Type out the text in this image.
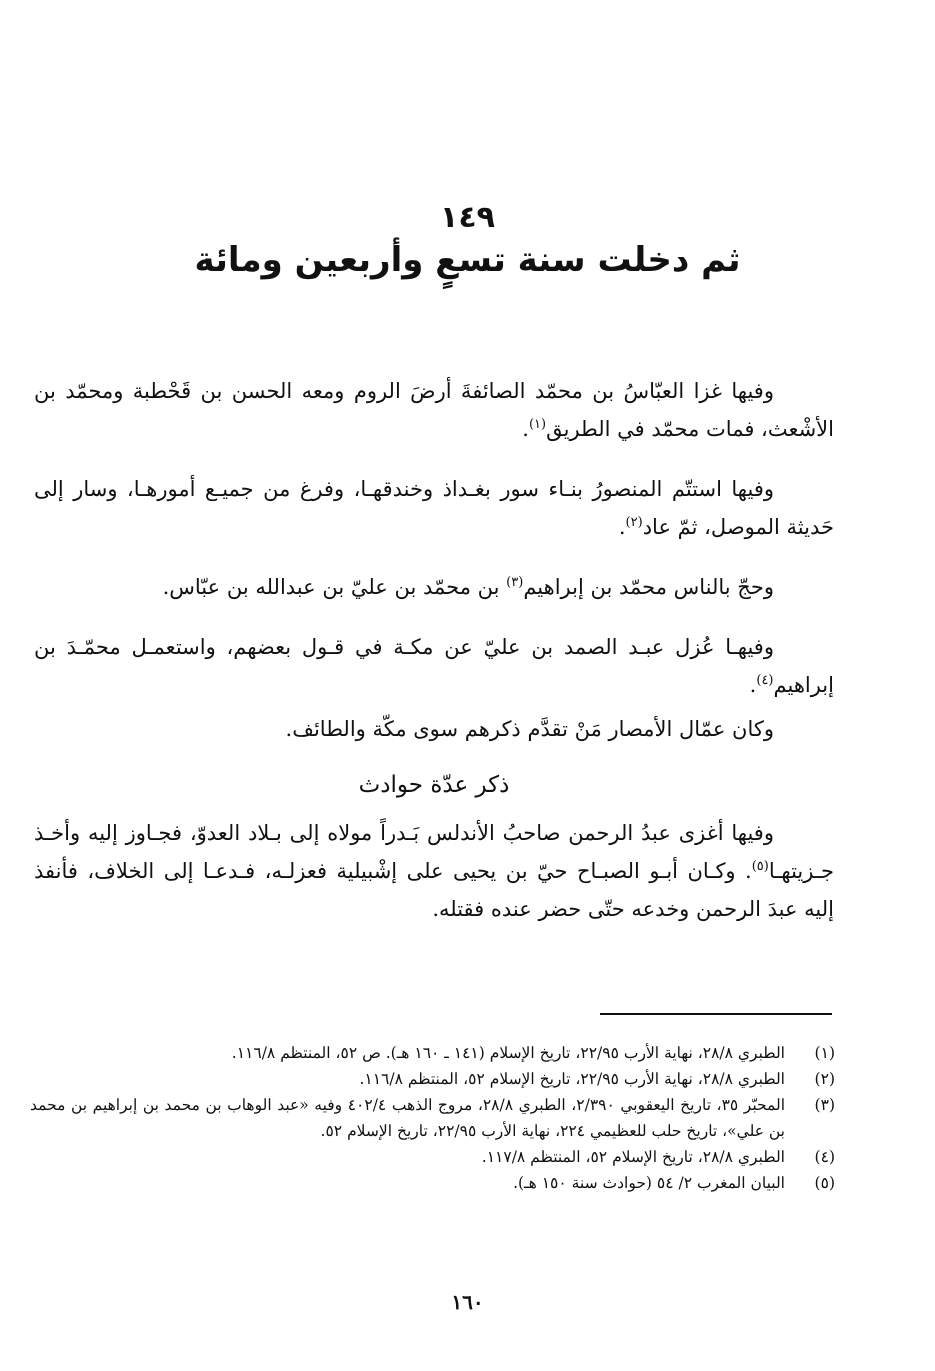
١٤٩
ثم دخلت سنة تسعٍ وأربعين ومائة

وفيها غزا العبّاسُ بن محمّد الصائفةَ أرضَ الروم ومعه الحسن بن قَحْطبة ومحمّد بن الأشْعث، فمات محمّد في الطريق$^{(١)}$.

وفيها استتّم المنصورُ بنـاء سور بغـداذ وخندقهـا، وفرغ من جميـع أمورهـا، وسار إلى حَديثة الموصل، ثمّ عاد$^{(٢)}$.

وحجّ بالناس محمّد بن إبراهيم$^{(٣)}$ بن محمّد بن عليّ بن عبدالله بن عبّاس.

وفيهـا عُزل عبـد الصمد بن عليّ عن مكـة في قـول بعضهم، واستعمـل محمّـدَ بن إبراهيم$^{(٤)}$.

وكان عمّال الأمصار مَنْ تقدَّم ذكرهم سوى مكّة والطائف.

ذكر عدّة حوادث

وفيها أغزى عبدُ الرحمن صاحبُ الأندلس بَـدراً مولاه إلى بـلاد العدوّ، فجـاوز إليه وأخـذ جـزيتهـا$^{(٥)}$. وكـان أبـو الصبـاح حيّ بن يحيى على إشْبيلية فعزلـه، فـدعـا إلى الخلاف، فأنفذ إليه عبدَ الرحمن وخدعه حتّى حضر عنده فقتله.

(١)
الطبري ٢٨/٨، نهاية الأرب ٢٢/٩٥، تاريخ الإسلام (١٤١ ـ ١٦٠ هـ). ص ٥٢، المنتظم ١١٦/٨.
(٢)
الطبري ٢٨/٨، نهاية الأرب ٢٢/٩٥، تاريخ الإسلام ٥٢، المنتظم ١١٦/٨.
(٣)
المحبّر ٣٥، تاريخ اليعقوبي ٢/٣٩٠، الطبري ٢٨/٨، مروج الذهب ٤٠٢/٤ وفيه «عبد الوهاب بن محمد بن إبراهيم بن محمد بن علي»، تاريخ حلب للعظيمي ٢٢٤، نهاية الأرب ٢٢/٩٥، تاريخ الإسلام ٥٢.
(٤)
الطبري ٢٨/٨، تاريخ الإسلام ٥٢، المنتظم ١١٧/٨.
(٥)
البيان المغرب ٢/ ٥٤ (حوادث سنة ١٥٠ هـ).
١٦٠
